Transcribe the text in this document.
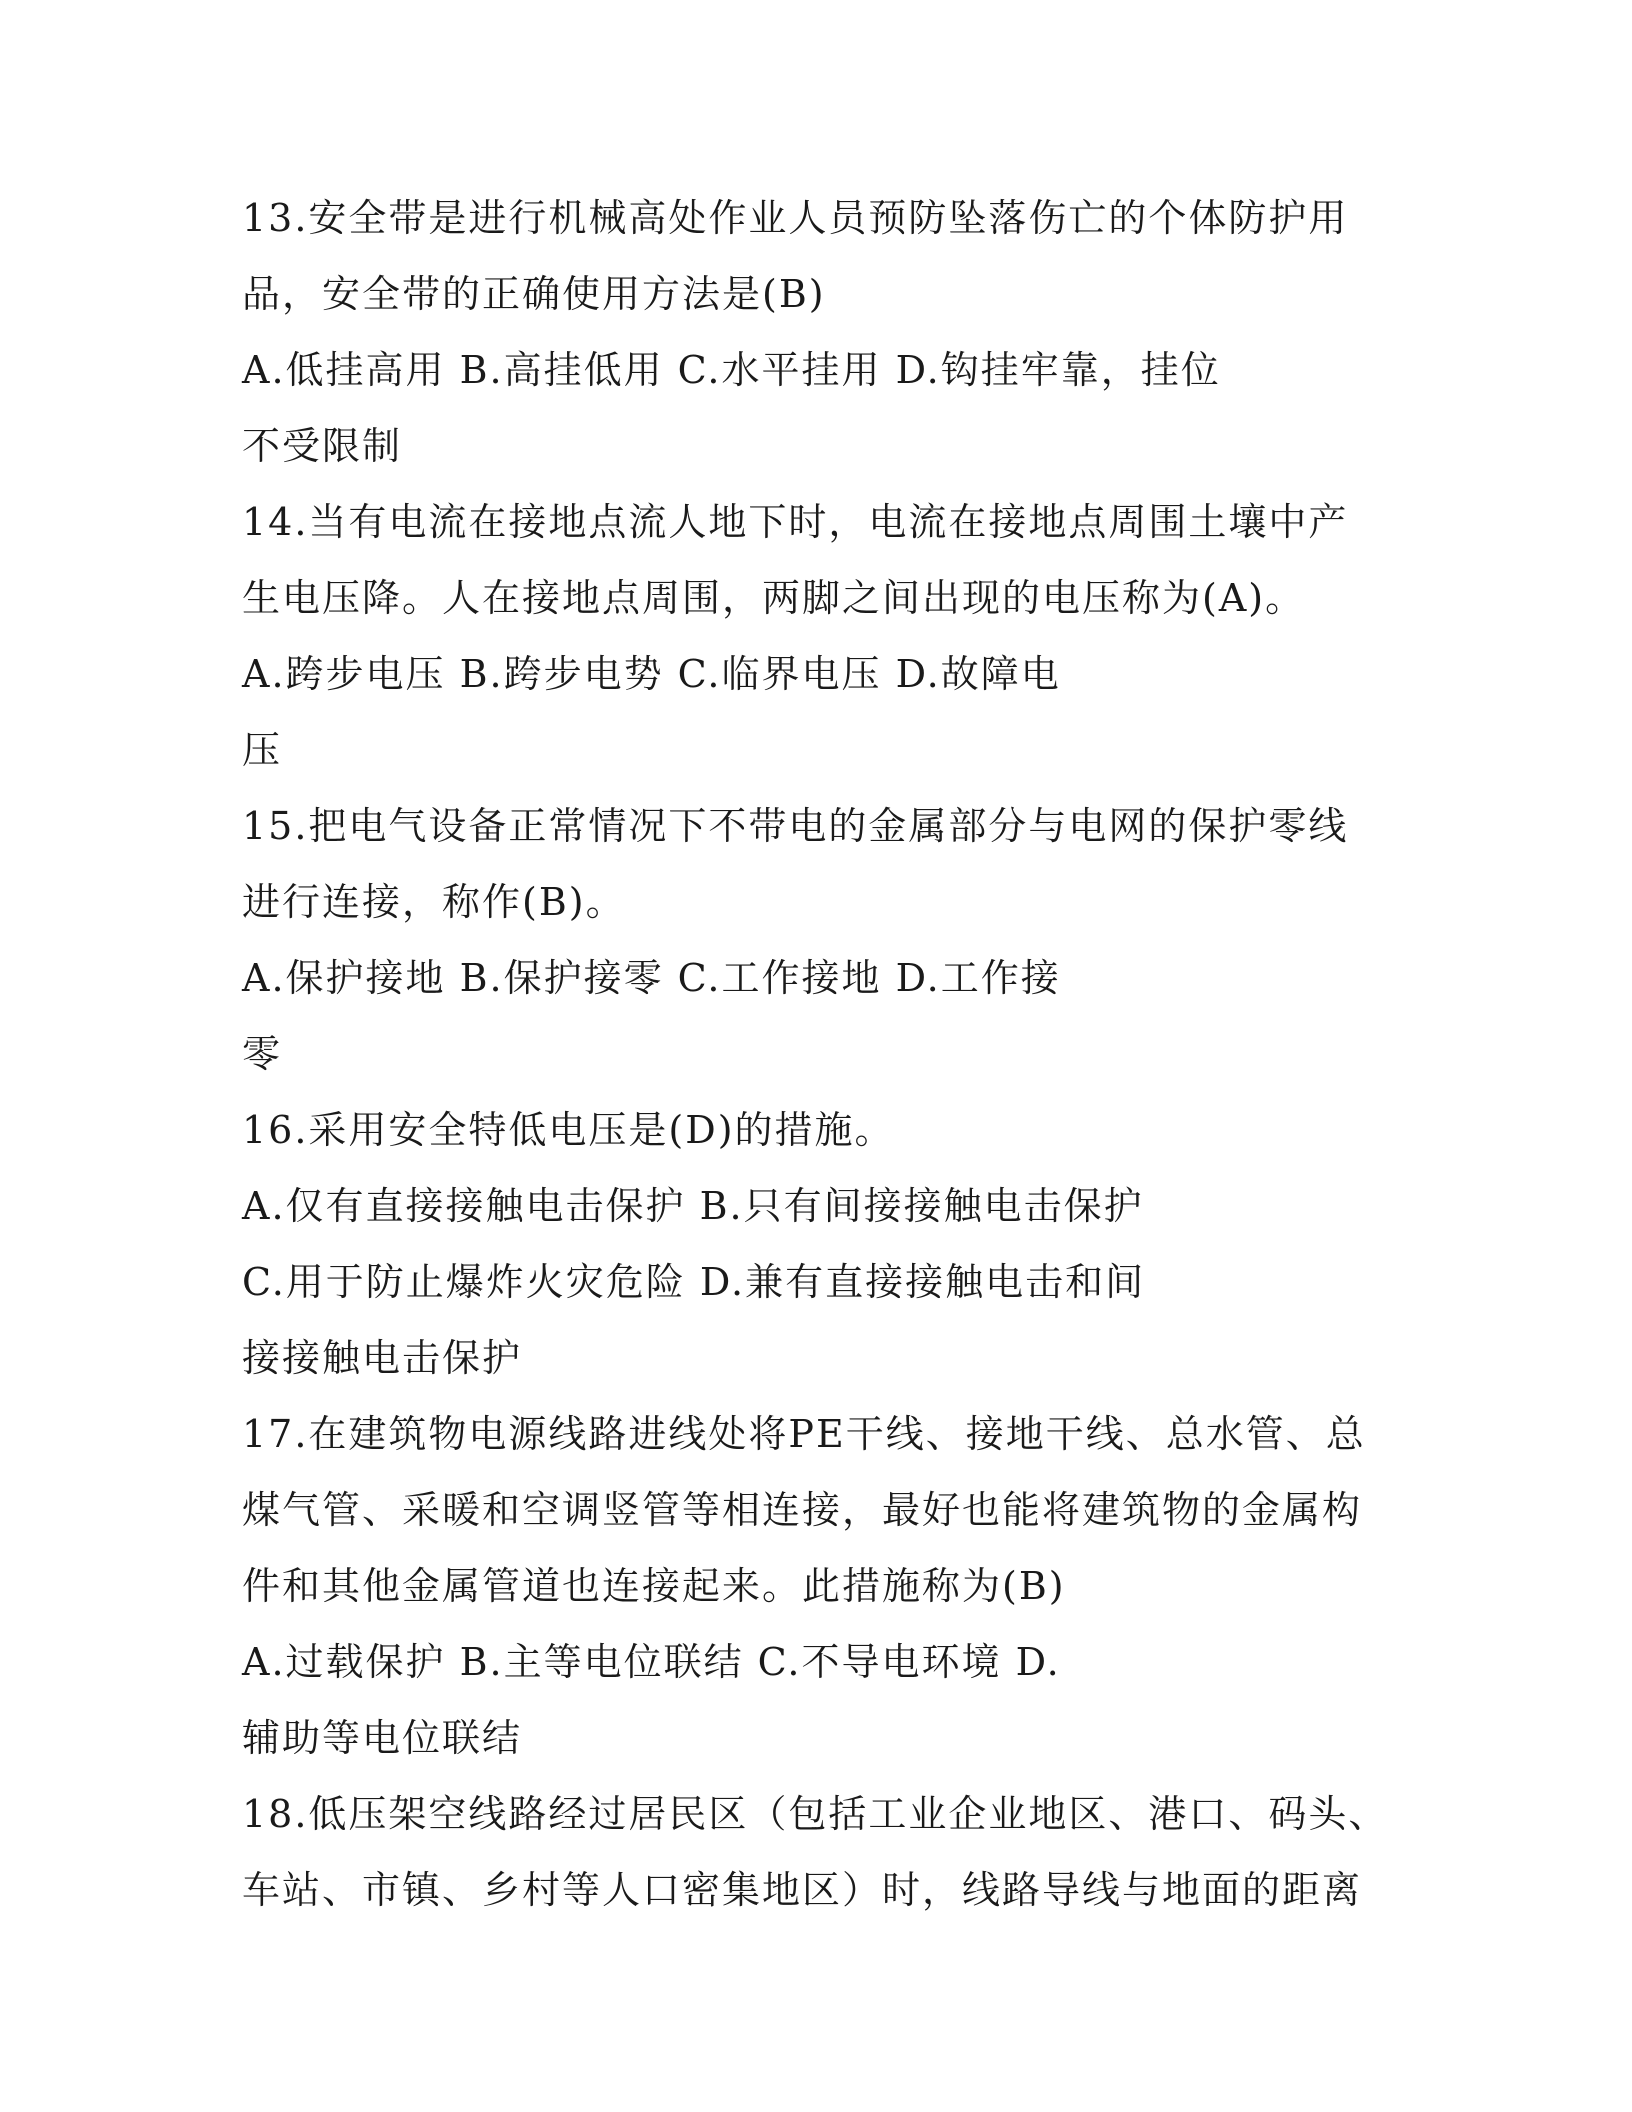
13.安全带是进行机械高处作业人员预防坠落伤亡的个体防护用
品，安全带的正确使用方法是(B)
A.低挂高用 B.高挂低用 C.水平挂用 D.钩挂牢靠，挂位
不受限制
14.当有电流在接地点流人地下时，电流在接地点周围土壤中产
生电压降。人在接地点周围，两脚之间出现的电压称为(A)。
A.跨步电压 B.跨步电势 C.临界电压 D.故障电
压
15.把电气设备正常情况下不带电的金属部分与电网的保护零线
进行连接，称作(B)。
A.保护接地 B.保护接零 C.工作接地 D.工作接
零
16.采用安全特低电压是(D)的措施。
A.仅有直接接触电击保护 B.只有间接接触电击保护
C.用于防止爆炸火灾危险 D.兼有直接接触电击和间
接接触电击保护
17.在建筑物电源线路进线处将PE干线、接地干线、总水管、总
煤气管、采暖和空调竖管等相连接，最好也能将建筑物的金属构
件和其他金属管道也连接起来。此措施称为(B)
A.过载保护 B.主等电位联结 C.不导电环境 D.
辅助等电位联结
18.低压架空线路经过居民区（包括工业企业地区、港口、码头、
车站、市镇、乡村等人口密集地区）时，线路导线与地面的距离
